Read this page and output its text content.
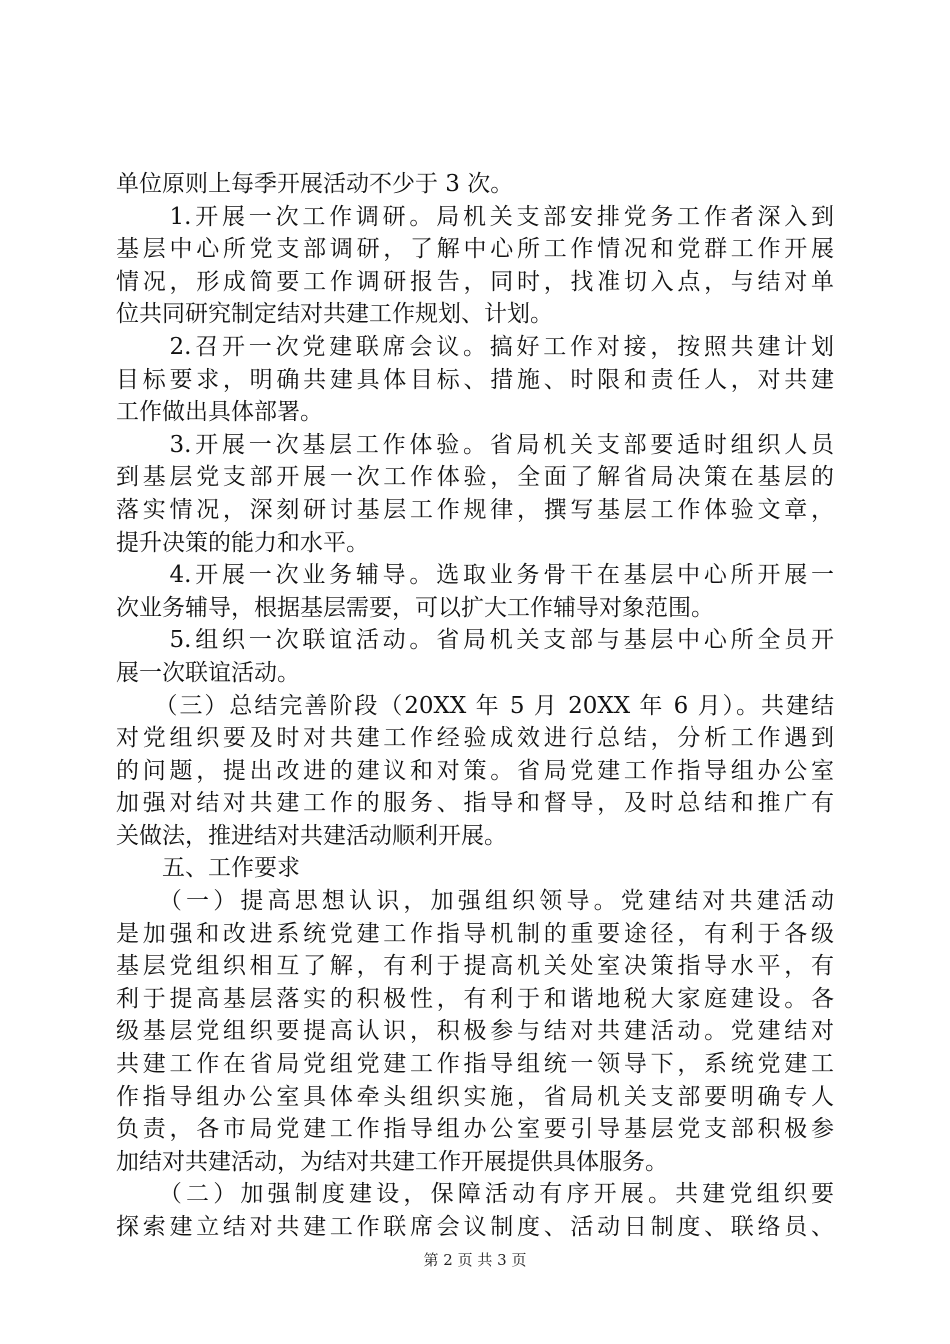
单位原则上每季开展活动不少于 3 次。
　　1.开展一次工作调研。局机关支部安排党务工作者深入到
基层中心所党支部调研，了解中心所工作情况和党群工作开展
情况，形成简要工作调研报告，同时，找准切入点，与结对单
位共同研究制定结对共建工作规划、计划。
　　2.召开一次党建联席会议。搞好工作对接，按照共建计划
目标要求，明确共建具体目标、措施、时限和责任人，对共建
工作做出具体部署。
　　3.开展一次基层工作体验。省局机关支部要适时组织人员
到基层党支部开展一次工作体验，全面了解省局决策在基层的
落实情况，深刻研讨基层工作规律，撰写基层工作体验文章，
提升决策的能力和水平。
　　4.开展一次业务辅导。选取业务骨干在基层中心所开展一
次业务辅导，根据基层需要，可以扩大工作辅导对象范围。
　　5.组织一次联谊活动。省局机关支部与基层中心所全员开
展一次联谊活动。
　　（三）总结完善阶段（20XX 年 5 月 20XX 年 6 月）。共建结
对党组织要及时对共建工作经验成效进行总结，分析工作遇到
的问题，提出改进的建议和对策。省局党建工作指导组办公室
加强对结对共建工作的服务、指导和督导，及时总结和推广有
关做法，推进结对共建活动顺利开展。
　　五、工作要求
　　（一）提高思想认识，加强组织领导。党建结对共建活动
是加强和改进系统党建工作指导机制的重要途径，有利于各级
基层党组织相互了解，有利于提高机关处室决策指导水平，有
利于提高基层落实的积极性，有利于和谐地税大家庭建设。各
级基层党组织要提高认识，积极参与结对共建活动。党建结对
共建工作在省局党组党建工作指导组统一领导下，系统党建工
作指导组办公室具体牵头组织实施，省局机关支部要明确专人
负责，各市局党建工作指导组办公室要引导基层党支部积极参
加结对共建活动，为结对共建工作开展提供具体服务。
　　（二）加强制度建设，保障活动有序开展。共建党组织要
探索建立结对共建工作联席会议制度、活动日制度、联络员、
第 2 页 共 3 页
